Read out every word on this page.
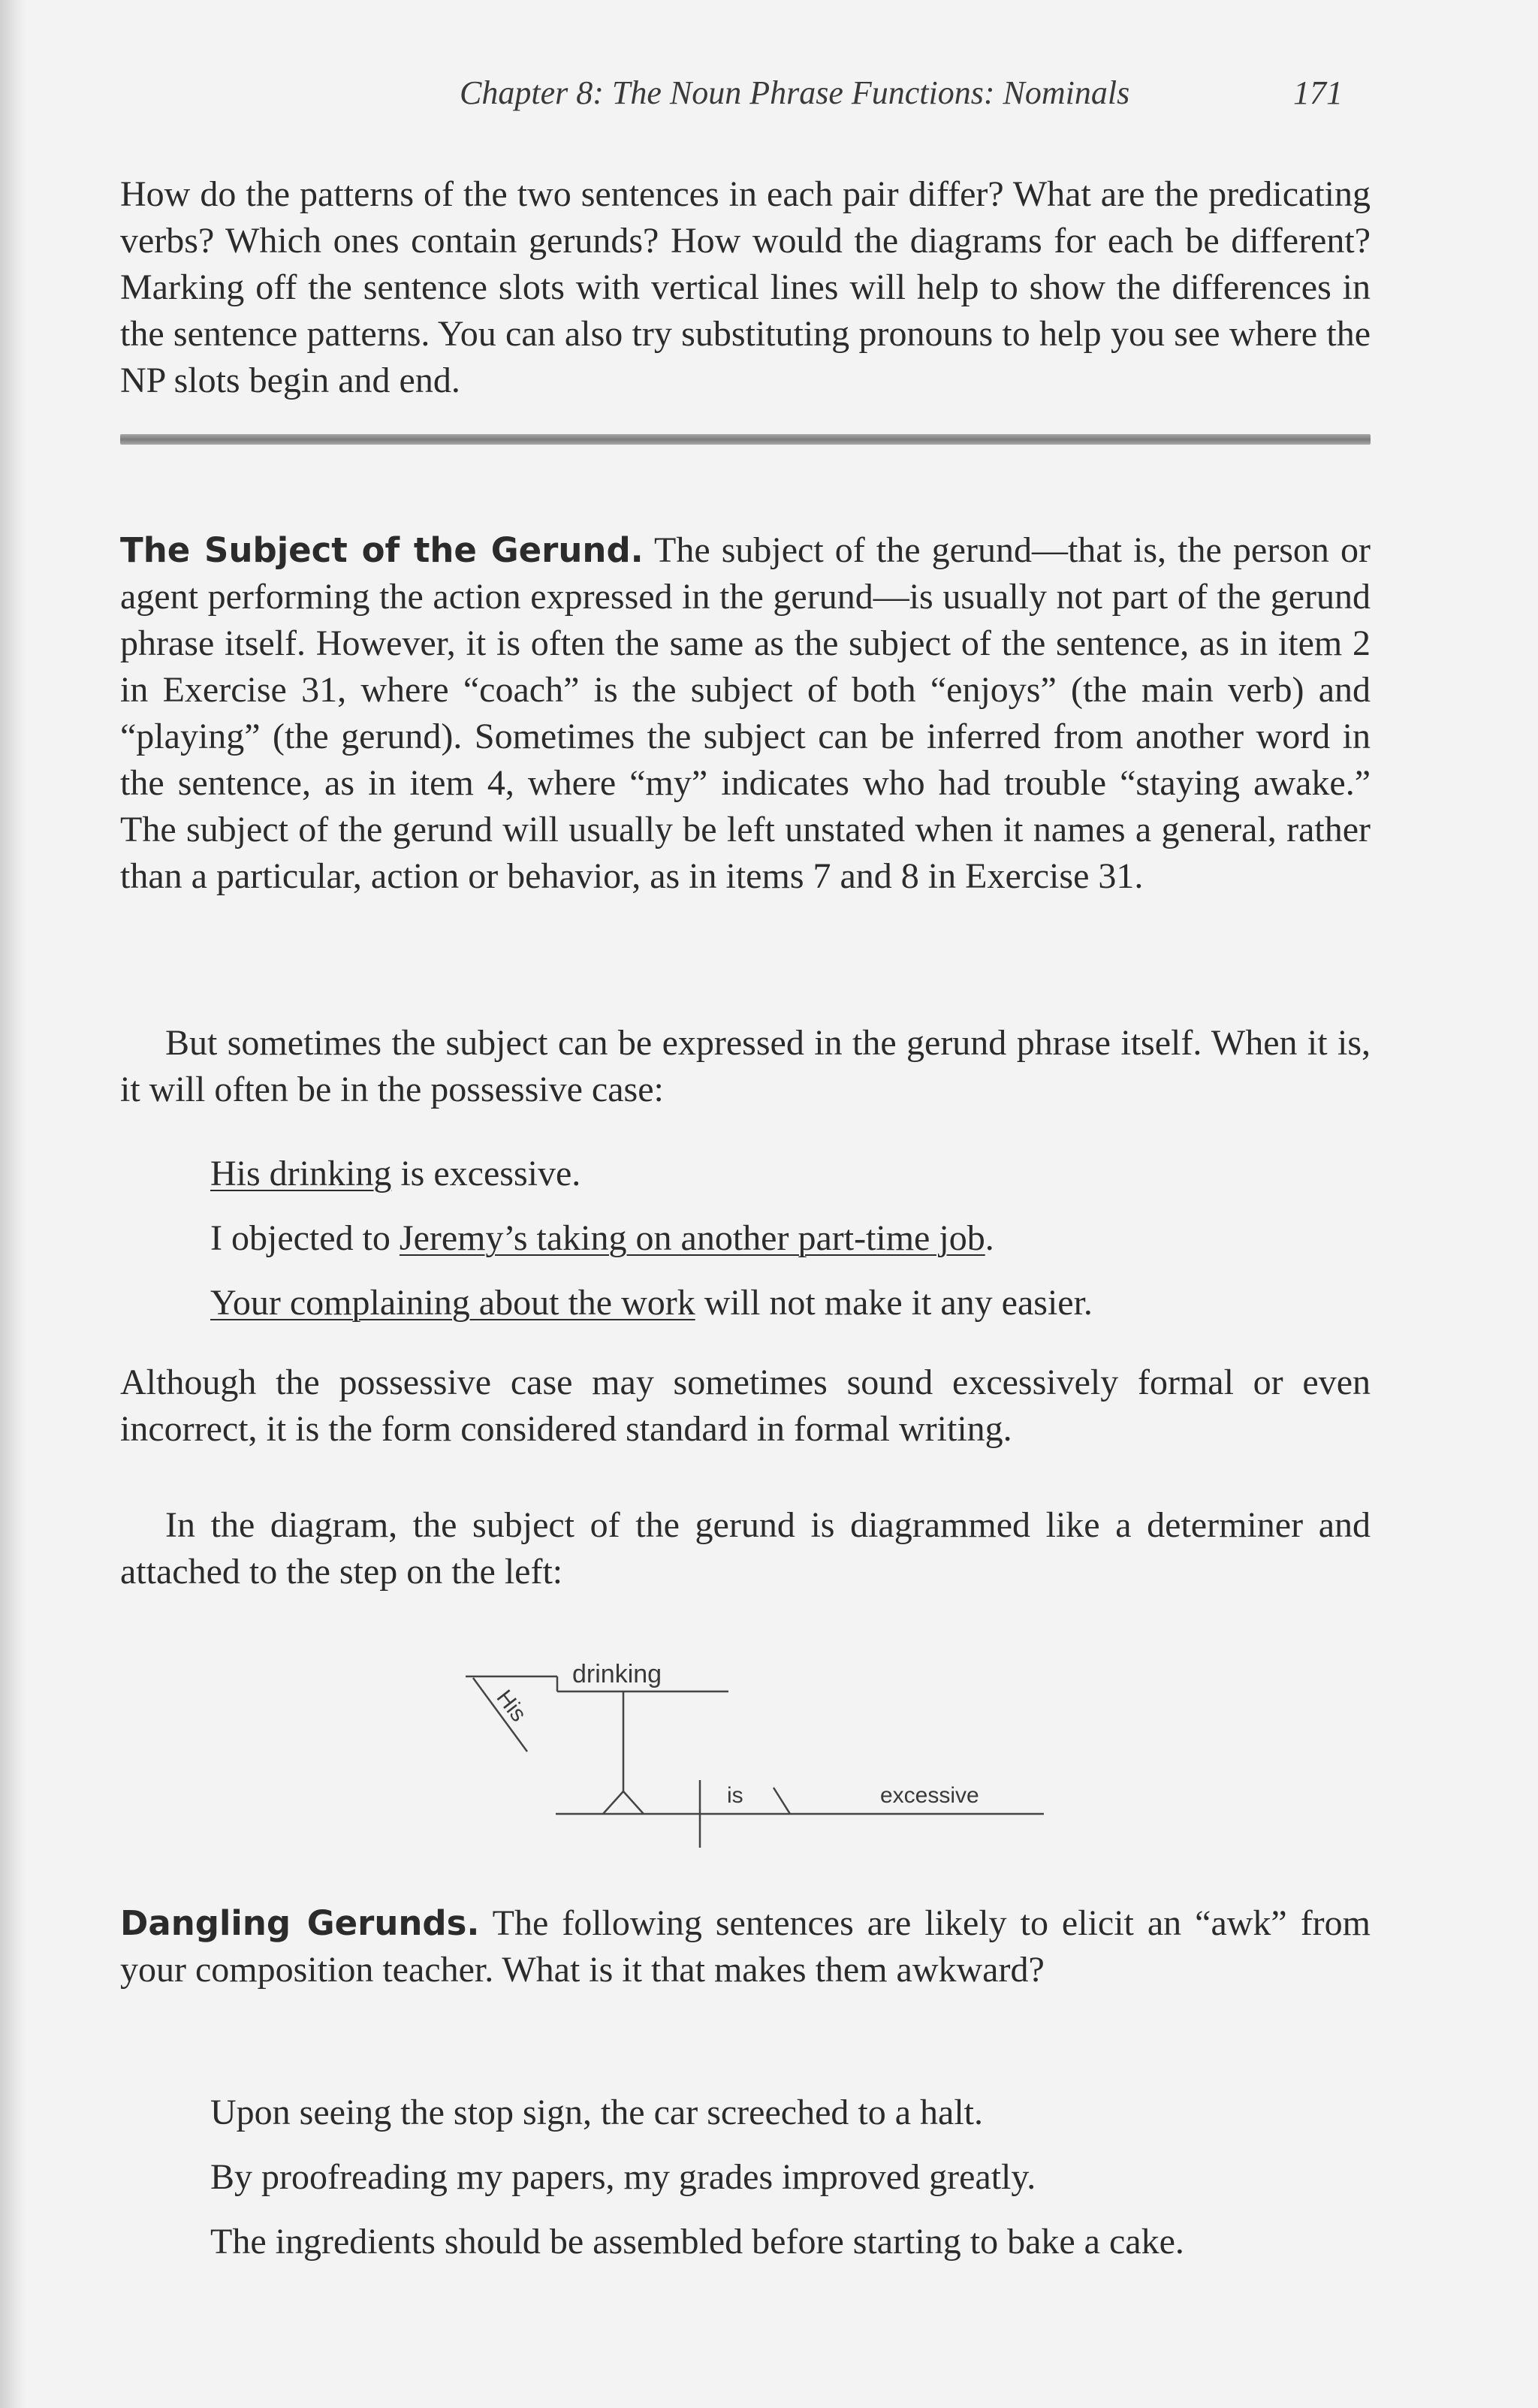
Chapter 8: The Noun Phrase Functions: Nominals	171
How do the patterns of the two sentences in each pair differ? What are the predicating verbs? Which ones contain gerunds? How would the diagrams for each be different? Marking off the sentence slots with vertical lines will help to show the differences in the sentence patterns. You can also try substituting pronouns to help you see where the NP slots begin and end.
The Subject of the Gerund. The subject of the gerund—that is, the person or agent performing the action expressed in the gerund—is usually not part of the gerund phrase itself. However, it is often the same as the subject of the sentence, as in item 2 in Exercise 31, where “coach” is the subject of both “enjoys” (the main verb) and “playing” (the gerund). Sometimes the subject can be inferred from another word in the sentence, as in item 4, where “my” indicates who had trouble “staying awake.” The subject of the gerund will usually be left unstated when it names a general, rather than a particular, action or behavior, as in items 7 and 8 in Exercise 31.
But sometimes the subject can be expressed in the gerund phrase itself. When it is, it will often be in the possessive case:
His drinking is excessive.
I objected to Jeremy’s taking on another part-time job.
Your complaining about the work will not make it any easier.
Although the possessive case may sometimes sound excessively formal or even incorrect, it is the form considered standard in formal writing.
In the diagram, the subject of the gerund is diagrammed like a determiner and attached to the step on the left:
drinking
His
is	excessive
Dangling Gerunds. The following sentences are likely to elicit an “awk” from your composition teacher. What is it that makes them awkward?
Upon seeing the stop sign, the car screeched to a halt.
By proofreading my papers, my grades improved greatly.
The ingredients should be assembled before starting to bake a cake.
